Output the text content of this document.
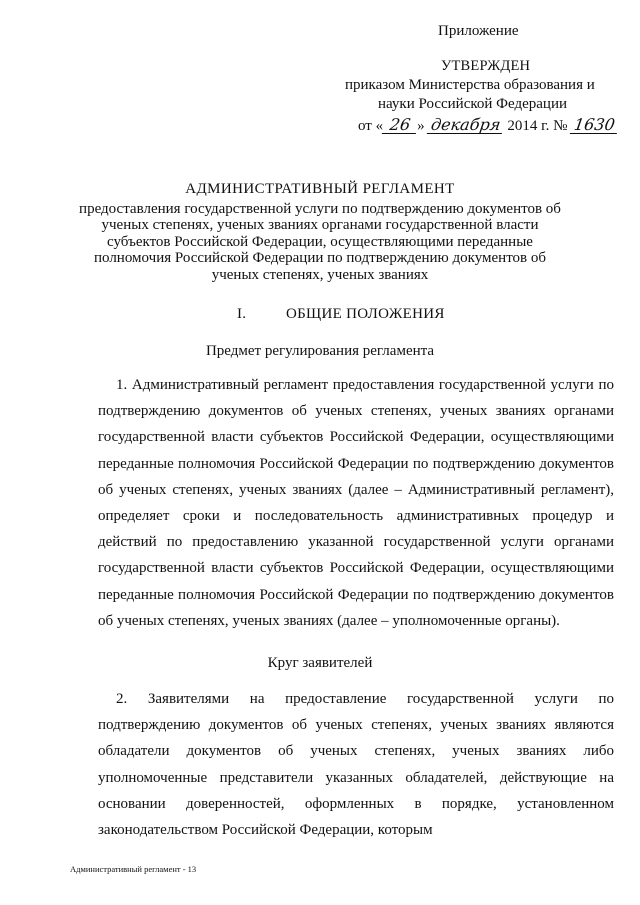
Приложение
УТВЕРЖДЕН
приказом Министерства образования и
науки Российской Федерации
от « 26 » декабря 2014 г. № 1630
АДМИНИСТРАТИВНЫЙ РЕГЛАМЕНТ
предоставления государственной услуги по подтверждению документов об ученых степенях, ученых званиях органами государственной власти субъектов Российской Федерации, осуществляющими переданные полномочия Российской Федерации по подтверждению документов об ученых степенях, ученых званиях
I.	ОБЩИЕ ПОЛОЖЕНИЯ
Предмет регулирования регламента
1. Административный регламент предоставления государственной услуги по подтверждению документов об ученых степенях, ученых званиях органами государственной власти субъектов Российской Федерации, осуществляющими переданные полномочия Российской Федерации по подтверждению документов об ученых степенях, ученых званиях (далее – Административный регламент), определяет сроки и последовательность административных процедур и действий по предоставлению указанной государственной услуги органами государственной власти субъектов Российской Федерации, осуществляющими переданные полномочия Российской Федерации по подтверждению документов об ученых степенях, ученых званиях (далее – уполномоченные органы).
Круг заявителей
2. Заявителями на предоставление государственной услуги по подтверждению документов об ученых степенях, ученых званиях являются обладатели документов об ученых степенях, ученых званиях либо уполномоченные представители указанных обладателей, действующие на основании доверенностей, оформленных в порядке, установленном законодательством Российской Федерации, которым
Административный регламент - 13
